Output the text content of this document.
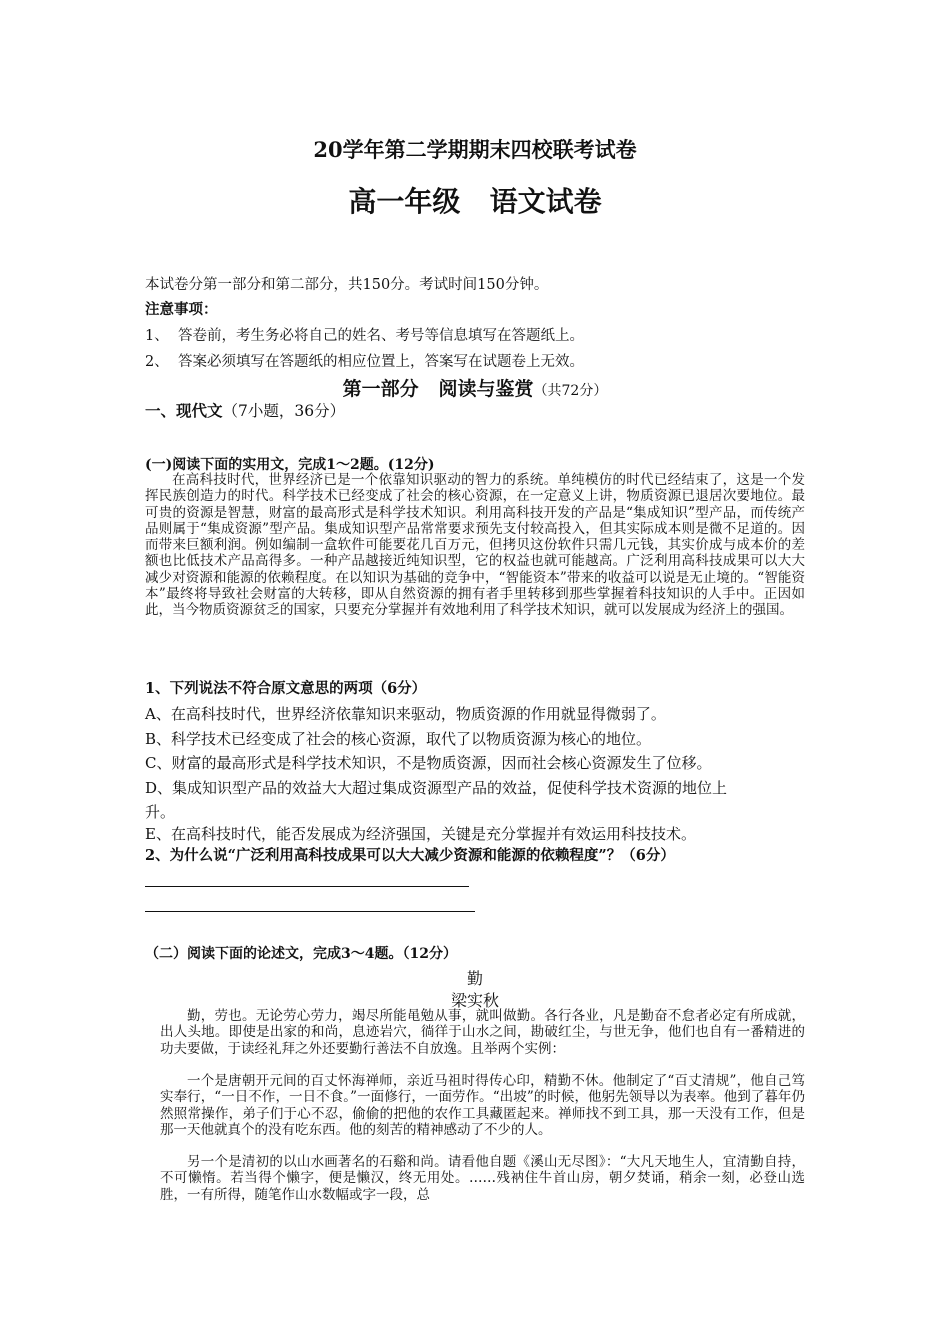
20学年第二学期期末四校联考试卷
高一年级   语文试卷

本试卷分第一部分和第二部分，共150分。考试时间150分钟。

注意事项：

1、  答卷前，考生务必将自己的姓名、考号等信息填写在答题纸上。

2、  答案必须填写在答题纸的相应位置上，答案写在试题卷上无效。

第一部分   阅读与鉴赏（共72分）
一、现代文（7小题，36分）

(一)阅读下面的实用文，完成1～2题。(12分)

在高科技时代，世界经济已是一个依靠知识驱动的智力的系统。单纯模仿的时代已经结束了，这是一个发挥民族创造力的时代。科学技术已经变成了社会的核心资源，在一定意义上讲，物质资源已退居次要地位。最可贵的资源是智慧，财富的最高形式是科学技术知识。利用高科技开发的产品是“集成知识”型产品，而传统产品则属于“集成资源”型产品。集成知识型产品常常要求预先支付较高投入，但其实际成本则是微不足道的。因而带来巨额利润。例如编制一盒软件可能要花几百万元，但拷贝这份软件只需几元钱，其实价成与成本价的差额也比低技术产品高得多。一种产品越接近纯知识型，它的权益也就可能越高。广泛利用高科技成果可以大大减少对资源和能源的依赖程度。在以知识为基础的竞争中，“智能资本”带来的收益可以说是无止境的。“智能资本”最终将导致社会财富的大转移，即从自然资源的拥有者手里转移到那些掌握着科技知识的人手中。正因如此，当今物质资源贫乏的国家，只要充分掌握并有效地利用了科学技术知识，就可以发展成为经济上的强国。

1、下列说法不符合原文意思的两项（6分）

A、在高科技时代，世界经济依靠知识来驱动，物质资源的作用就显得微弱了。

B、科学技术已经变成了社会的核心资源，取代了以物质资源为核心的地位。

C、财富的最高形式是科学技术知识，不是物质资源，因而社会核心资源发生了位移。

D、集成知识型产品的效益大大超过集成资源型产品的效益，促使科学技术资源的地位上

升。

E、在高科技时代，能否发展成为经济强国，关键是充分掌握并有效运用科技技术。

2、为什么说“广泛利用高科技成果可以大大减少资源和能源的依赖程度”？（6分）

（二）阅读下面的论述文，完成3～4题。（12分）

勤

梁实秋

勤，劳也。无论劳心劳力，竭尽所能黾勉从事，就叫做勤。各行各业，凡是勤奋不怠者必定有所成就，出人头地。即使是出家的和尚，息迹岩穴，徜徉于山水之间，勘破红尘，与世无争，他们也自有一番精进的功夫要做，于读经礼拜之外还要勤行善法不自放逸。且举两个实例：

一个是唐朝开元间的百丈怀海禅师，亲近马祖时得传心印，精勤不休。他制定了“百丈清规”，他自己笃实奉行，“一日不作，一日不食。”一面修行，一面劳作。“出坡”的时候，他躬先领导以为表率。他到了暮年仍然照常操作，弟子们于心不忍，偷偷的把他的农作工具藏匿起来。禅师找不到工具，那一天没有工作，但是那一天他就真个的没有吃东西。他的刻苦的精神感动了不少的人。

另一个是清初的以山水画著名的石谿和尚。请看他自题《溪山无尽图》：“大凡天地生人，宜清勤自持，不可懒惰。若当得个懒字，便是懒汉，终无用处。……残衲住牛首山房，朝夕焚诵，稍余一刻，必登山选胜，一有所得，随笔作山水数幅或字一段，总
